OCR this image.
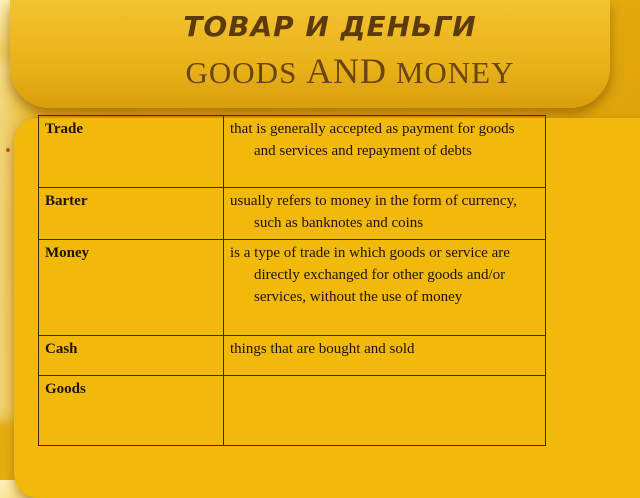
ТОВАР И ДЕНЬГИ
GOODS AND MONEY
Trade	that is generally accepted as payment for goods and services and repayment of debts

Barter	usually refers to money in the form of currency, such as banknotes and coins

Money	is a type of trade in which goods or service are directly exchanged for other goods and/or services, without the use of money

Cash	things that are bought and sold

Goods	
